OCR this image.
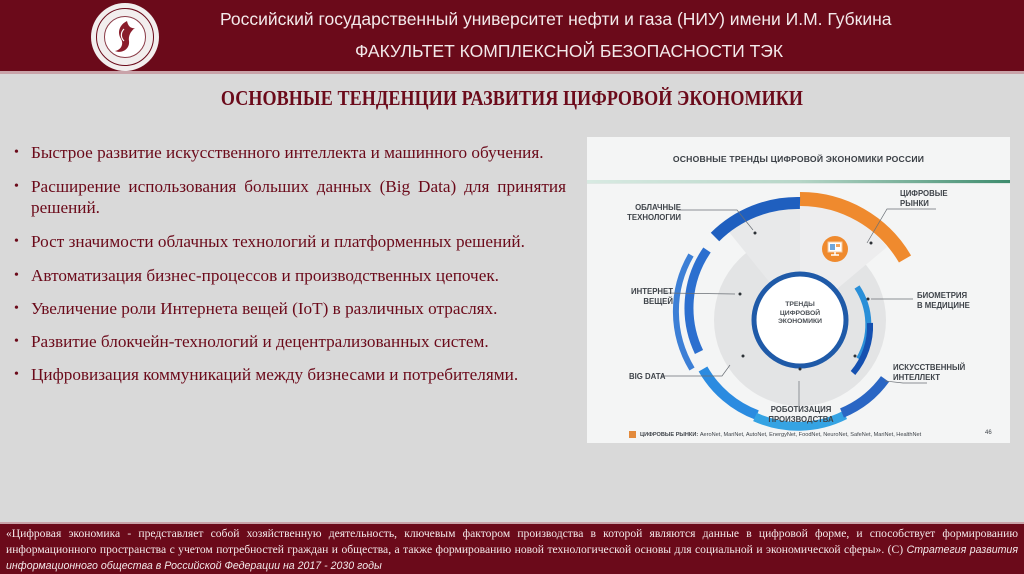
Российский государственный университет нефти и газа (НИУ) имени И.М. Губкина
ФАКУЛЬТЕТ КОМПЛЕКСНОЙ БЕЗОПАСНОСТИ ТЭК
ОСНОВНЫЕ ТЕНДЕНЦИИ РАЗВИТИЯ ЦИФРОВОЙ ЭКОНОМИКИ
• Быстрое развитие искусственного интеллекта и машинного обучения.
• Расширение использования больших данных (Big Data) для принятия решений.
• Рост значимости облачных технологий и платформенных решений.
• Автоматизация бизнес-процессов и производственных цепочек.
• Увеличение роли Интернета вещей (IoT) в различных отраслях.
• Развитие блокчейн-технологий и децентрализованных систем.
• Цифровизация коммуникаций между бизнесами и потребителями.
ОСНОВНЫЕ ТРЕНДЫ ЦИФРОВОЙ ЭКОНОМИКИ РОССИИ
ТРЕНДЫ
ЦИФРОВОЙ
ЭКОНОМИКИ
ОБЛАЧНЫЕ
ТЕХНОЛОГИИ
ЦИФРОВЫЕ
РЫНКИ
ИНТЕРНЕТ
ВЕЩЕЙ
БИОМЕТРИЯ
В МЕДИЦИНЕ
BIG DATA
ИСКУССТВЕННЫЙ
ИНТЕЛЛЕКТ
РОБОТИЗАЦИЯ
ПРОИЗВОДСТВА
ЦИФРОВЫЕ РЫНКИ: AeroNet, MariNet, AutoNet, EnergyNet, FoodNet, NeuroNet, SafeNet, MariNet, HealthNet	46
«Цифровая экономика - представляет собой хозяйственную деятельность, ключевым фактором производства в которой являются данные в цифровой форме, и способствует формированию информационного пространства с учетом потребностей граждан и общества, а также формированию новой технологической основы для социальной и экономической сферы». (С) Стратегия развития информационного общества в Российской Федерации на 2017 - 2030 годы
